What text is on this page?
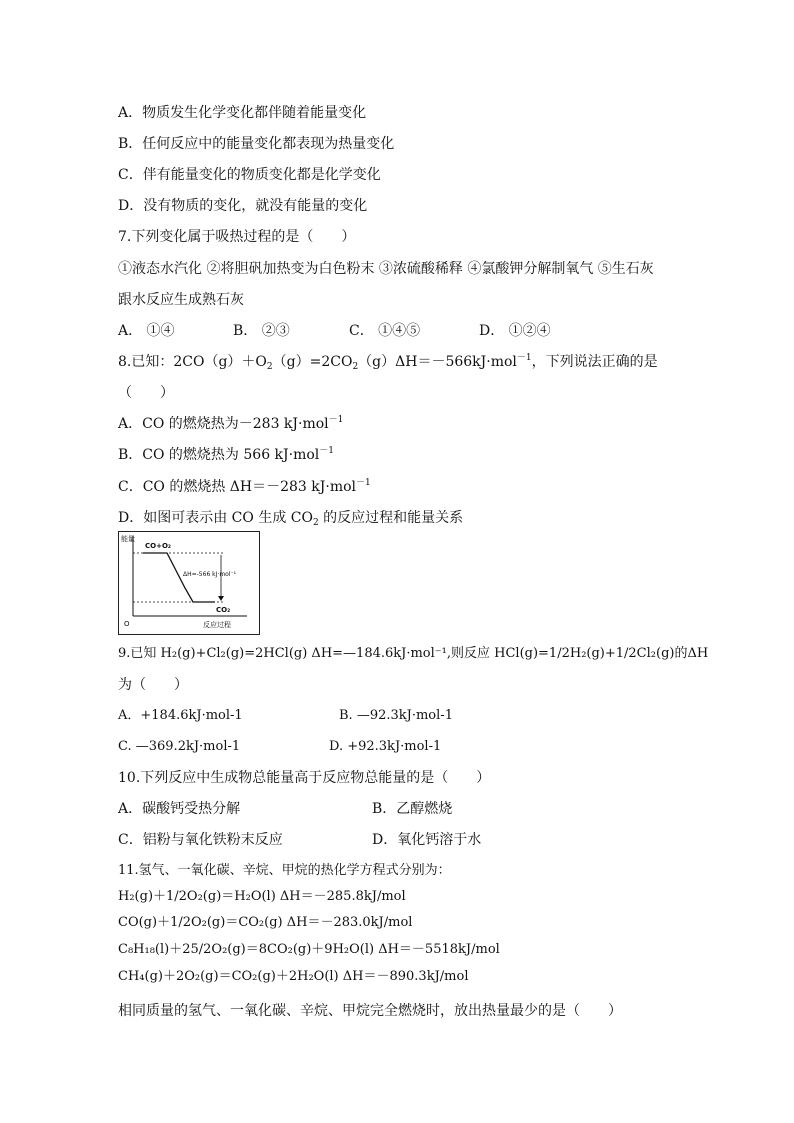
A．物质发生化学变化都伴随着能量变化
B．任何反应中的能量变化都表现为热量变化
C．伴有能量变化的物质变化都是化学变化
D．没有物质的变化，就没有能量的变化
7.下列变化属于吸热过程的是（　　）
①液态水汽化 ②将胆矾加热变为白色粉末 ③浓硫酸稀释 ④氯酸钾分解制氧气 ⑤生石灰
跟水反应生成熟石灰
A． ①④	B． ②③	C． ①④⑤	D． ①②④
8.已知：$2CO(g)+O_2(g)=2CO_2(g)\Delta H=-566kJ\cdot mol^{-1}$，下列说法正确的是
（　　）
A．CO 的燃烧热为－283 kJ·mol$^{-1}$
B．CO 的燃烧热为 566 kJ·mol$^{-1}$
C．CO 的燃烧热 ΔH＝－283 kJ·mol$^{-1}$
D．如图可表示由 CO 生成 $CO_2$ 的反应过程和能量关系
能量
CO+O₂
ΔH=-566 kJ·mol⁻¹
CO₂
O	反应过程
9.已知 H₂(g)+Cl₂(g)=2HCl(g) ΔH=—184.6kJ·mol⁻¹,则反应 HCl(g)=1/2H₂(g)+1/2Cl₂(g)的ΔH
为（　　）
A．+184.6kJ·mol-1	B. —92.3kJ·mol-1
C. —369.2kJ·mol-1	D. +92.3kJ·mol-1
10.下列反应中生成物总能量高于反应物总能量的是（　　）
A．碳酸钙受热分解	B．乙醇燃烧
C．铝粉与氧化铁粉末反应	D．氧化钙溶于水
11.氢气、一氧化碳、辛烷、甲烷的热化学方程式分别为：
H₂(g)＋1/2O₂(g)＝H₂O(l) ΔH＝－285.8kJ/mol
CO(g)＋1/2O₂(g)＝CO₂(g) ΔH＝－283.0kJ/mol
C₈H₁₈(l)＋25/2O₂(g)＝8CO₂(g)＋9H₂O(l) ΔH＝－5518kJ/mol
CH₄(g)＋2O₂(g)＝CO₂(g)＋2H₂O(l) ΔH＝－890.3kJ/mol
相同质量的氢气、一氧化碳、辛烷、甲烷完全燃烧时，放出热量最少的是（　　）
